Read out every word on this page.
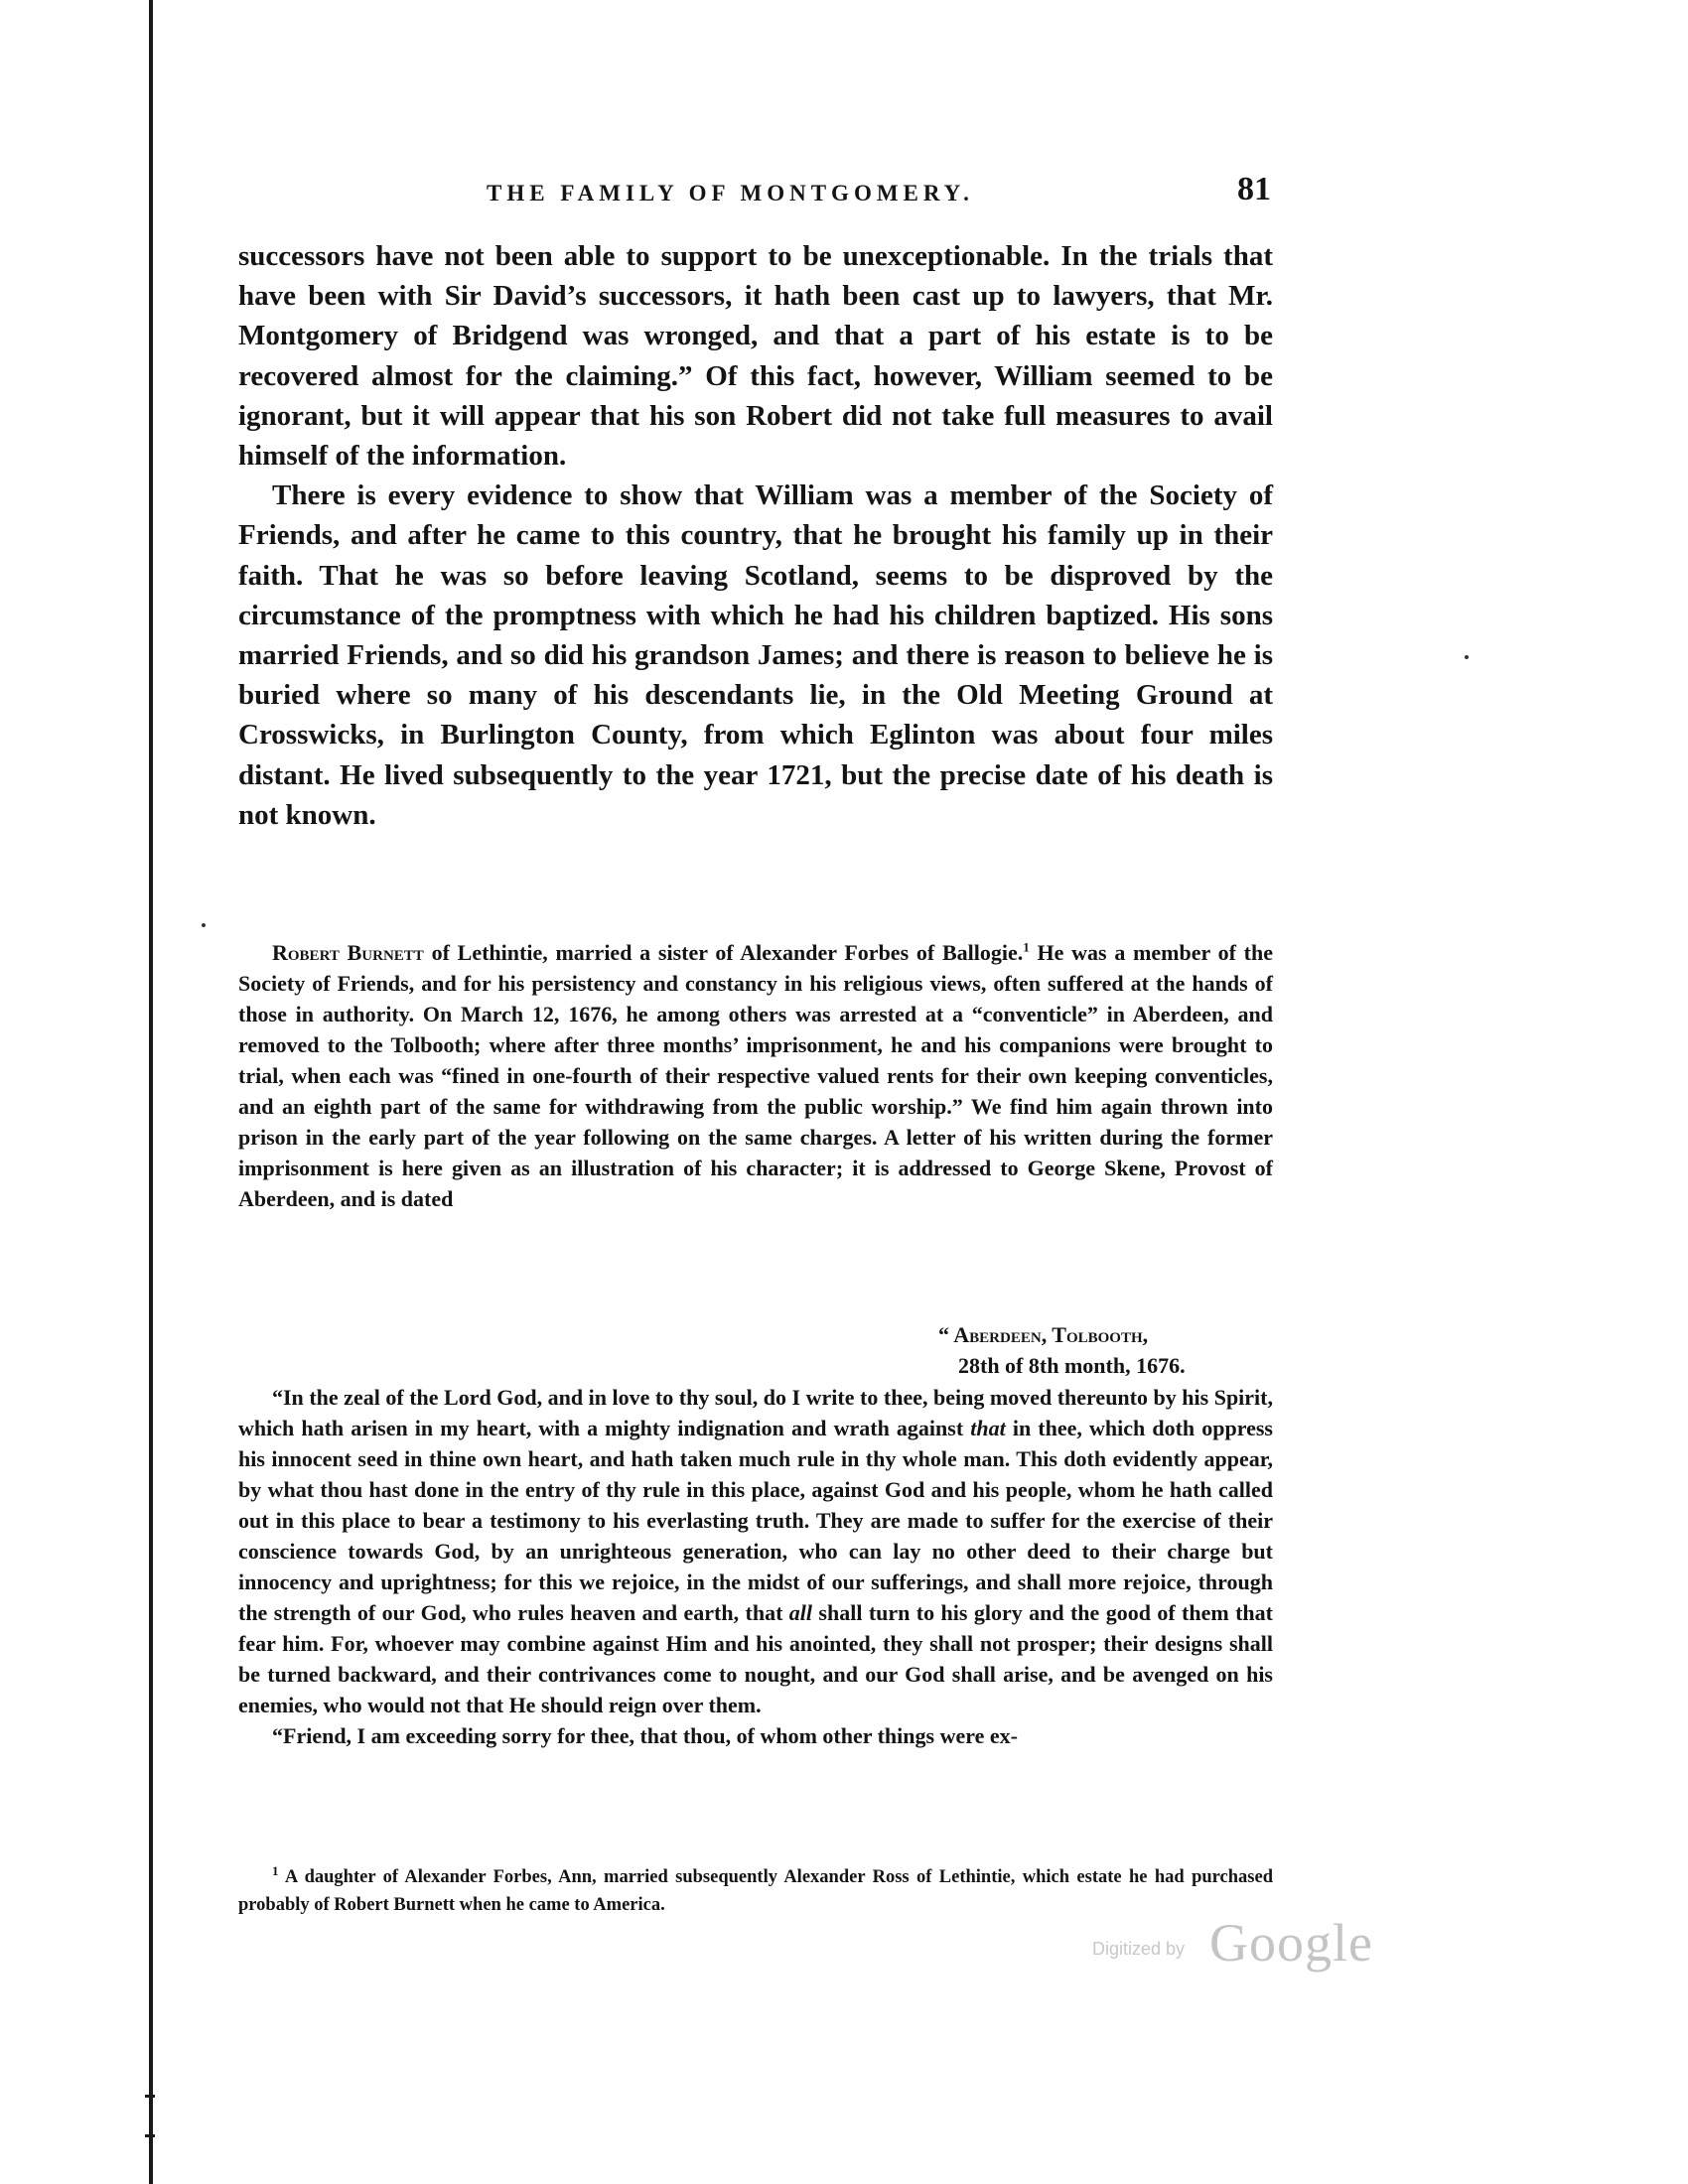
THE FAMILY OF MONTGOMERY.	81

successors have not been able to support to be unexceptionable. In the trials that have been with Sir David’s successors, it hath been cast up to lawyers, that Mr. Montgomery of Bridgend was wronged, and that a part of his estate is to be recovered almost for the claiming.” Of this fact, however, William seemed to be ignorant, but it will appear that his son Robert did not take full measures to avail himself of the information.

There is every evidence to show that William was a member of the Society of Friends, and after he came to this country, that he brought his family up in their faith. That he was so before leaving Scotland, seems to be disproved by the circumstance of the promptness with which he had his children baptized. His sons married Friends, and so did his grandson James; and there is reason to believe he is buried where so many of his descendants lie, in the Old Meeting Ground at Crosswicks, in Burlington County, from which Eglinton was about four miles distant. He lived subsequently to the year 1721, but the precise date of his death is not known.

Robert Burnett of Lethintie, married a sister of Alexander Forbes of Ballogie.$^1$ He was a member of the Society of Friends, and for his persistency and constancy in his religious views, often suffered at the hands of those in authority. On March 12, 1676, he among others was arrested at a “conventicle” in Aberdeen, and removed to the Tolbooth; where after three months’ imprisonment, he and his companions were brought to trial, when each was “fined in one-fourth of their respective valued rents for their own keeping conventicles, and an eighth part of the same for withdrawing from the public worship.” We find him again thrown into prison in the early part of the year following on the same charges. A letter of his written during the former imprisonment is here given as an illustration of his character; it is addressed to George Skene, Provost of Aberdeen, and is dated

“ Aberdeen, Tolbooth,
28th of 8th month, 1676.

“In the zeal of the Lord God, and in love to thy soul, do I write to thee, being moved thereunto by his Spirit, which hath arisen in my heart, with a mighty indignation and wrath against that in thee, which doth oppress his innocent seed in thine own heart, and hath taken much rule in thy whole man. This doth evidently appear, by what thou hast done in the entry of thy rule in this place, against God and his people, whom he hath called out in this place to bear a testimony to his everlasting truth. They are made to suffer for the exercise of their conscience towards God, by an unrighteous generation, who can lay no other deed to their charge but innocency and uprightness; for this we rejoice, in the midst of our sufferings, and shall more rejoice, through the strength of our God, who rules heaven and earth, that all shall turn to his glory and the good of them that fear him. For, whoever may combine against Him and his anointed, they shall not prosper; their designs shall be turned backward, and their contrivances come to nought, and our God shall arise, and be avenged on his enemies, who would not that He should reign over them.

“Friend, I am exceeding sorry for thee, that thou, of whom other things were ex-

$^1$ A daughter of Alexander Forbes, Ann, married subsequently Alexander Ross of Lethintie, which estate he had purchased probably of Robert Burnett when he came to America.

Digitized by Google
